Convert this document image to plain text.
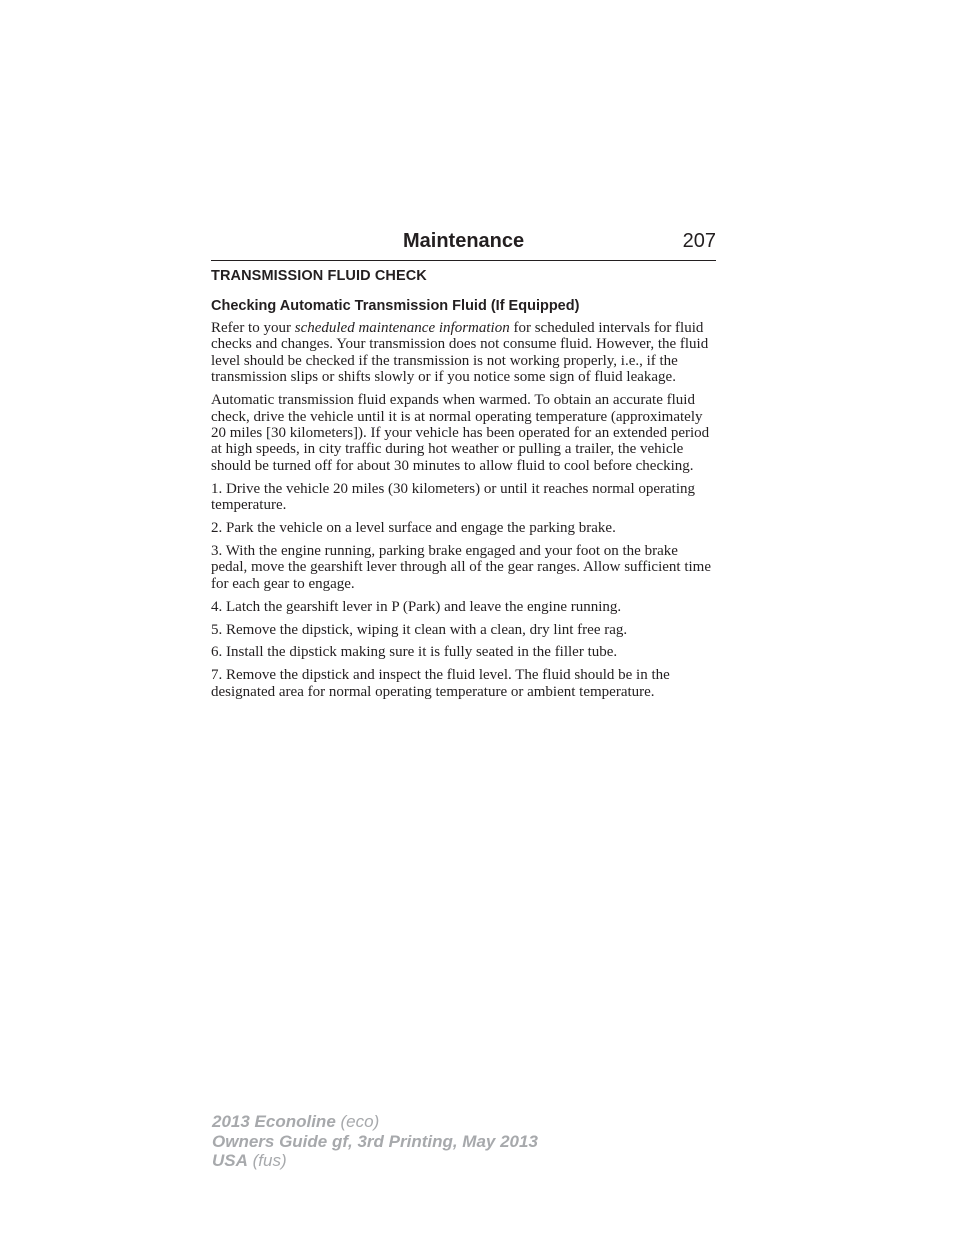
Maintenance	207
TRANSMISSION FLUID CHECK
Checking Automatic Transmission Fluid (If Equipped)

Refer to your scheduled maintenance information for scheduled intervals for fluid checks and changes. Your transmission does not consume fluid. However, the fluid level should be checked if the transmission is not working properly, i.e., if the transmission slips or shifts slowly or if you notice some sign of fluid leakage.

Automatic transmission fluid expands when warmed. To obtain an accurate fluid check, drive the vehicle until it is at normal operating temperature (approximately 20 miles [30 kilometers]). If your vehicle has been operated for an extended period at high speeds, in city traffic during hot weather or pulling a trailer, the vehicle should be turned off for about 30 minutes to allow fluid to cool before checking.

1. Drive the vehicle 20 miles (30 kilometers) or until it reaches normal operating temperature.

2. Park the vehicle on a level surface and engage the parking brake.

3. With the engine running, parking brake engaged and your foot on the brake pedal, move the gearshift lever through all of the gear ranges. Allow sufficient time for each gear to engage.

4. Latch the gearshift lever in P (Park) and leave the engine running.

5. Remove the dipstick, wiping it clean with a clean, dry lint free rag.

6. Install the dipstick making sure it is fully seated in the filler tube.

7. Remove the dipstick and inspect the fluid level. The fluid should be in the designated area for normal operating temperature or ambient temperature.

2013 Econoline (eco)
Owners Guide gf, 3rd Printing, May 2013
USA (fus)
